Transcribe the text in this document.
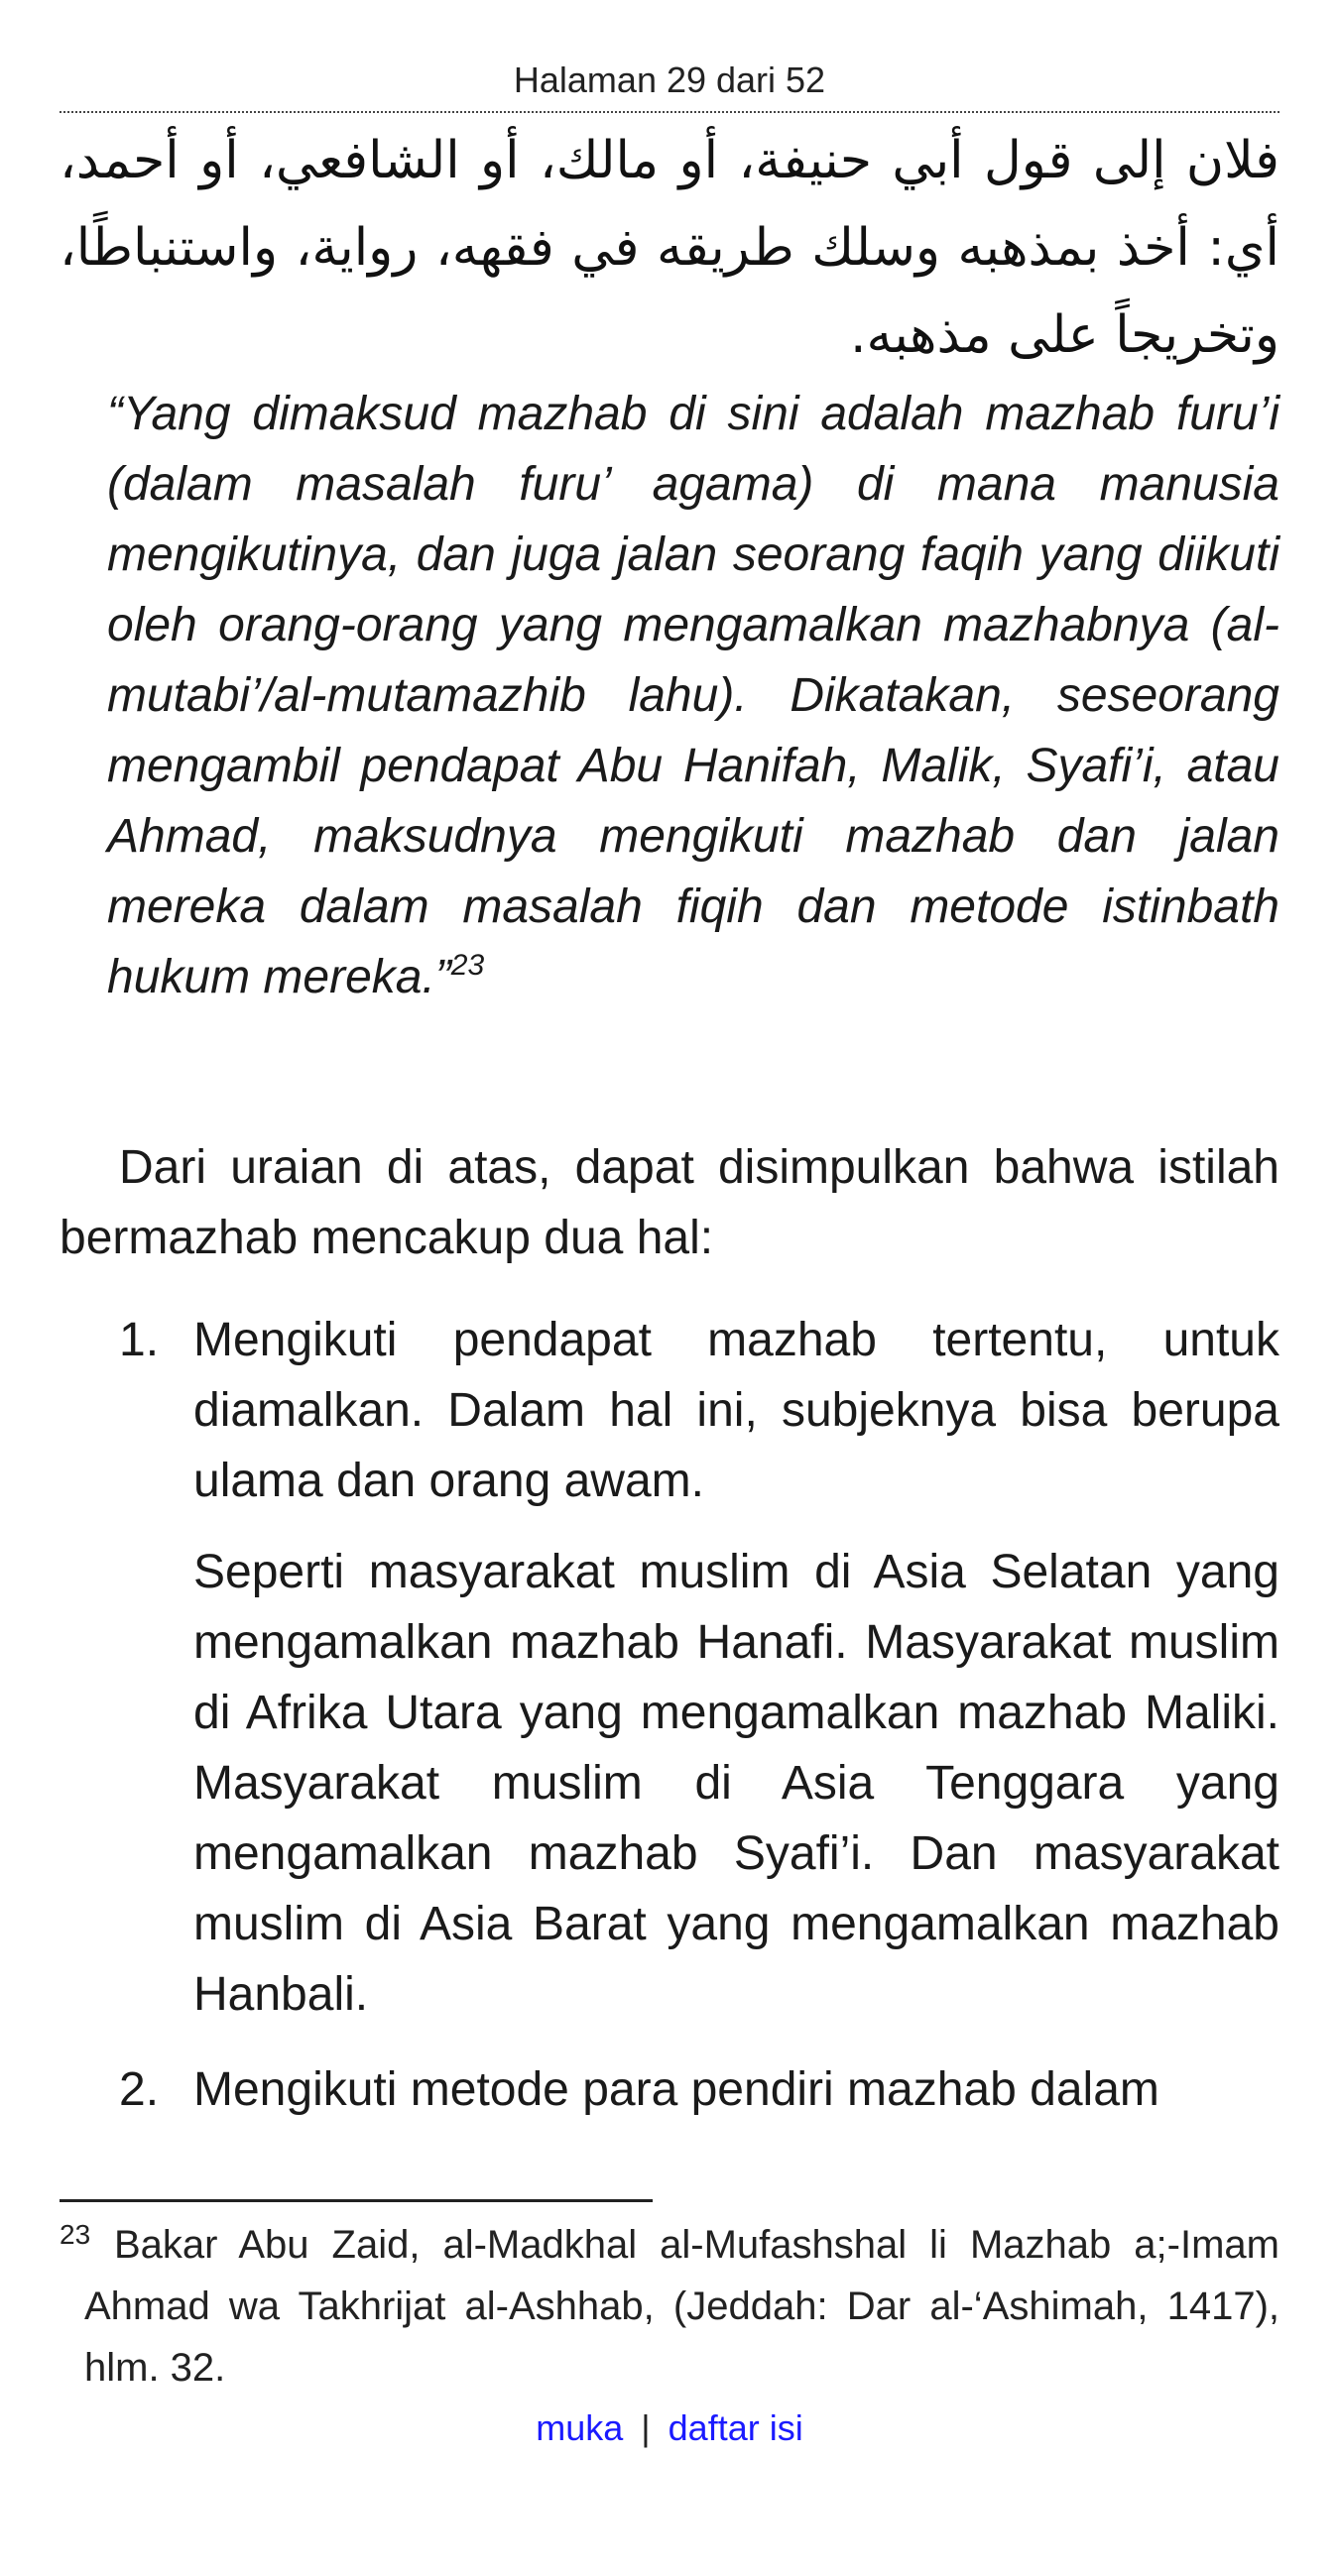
Halaman 29 dari 52
فلان إلى قول أبي حنيفة، أو مالك، أو الشافعي، أو أحمد، أي: أخذ بمذهبه وسلك طريقه في فقهه، رواية، واستنباطًا، وتخريجاً على مذهبه.
“Yang dimaksud mazhab di sini adalah mazhab furu’i (dalam masalah furu’ agama) di mana manusia mengikutinya, dan juga jalan seorang faqih yang diikuti oleh orang-orang yang mengamalkan mazhabnya (al-mutabi’/al-mutamazhib lahu). Dikatakan, seseorang mengambil pendapat Abu Hanifah, Malik, Syafi’i, atau Ahmad, maksudnya mengikuti mazhab dan jalan mereka dalam masalah fiqih dan metode istinbath hukum mereka.”$^{23}$
Dari uraian di atas, dapat disimpulkan bahwa istilah bermazhab mencakup dua hal:
1. Mengikuti pendapat mazhab tertentu, untuk diamalkan. Dalam hal ini, subjeknya bisa berupa ulama dan orang awam.
Seperti masyarakat muslim di Asia Selatan yang mengamalkan mazhab Hanafi. Masyarakat muslim di Afrika Utara yang mengamalkan mazhab Maliki. Masyarakat muslim di Asia Tenggara yang mengamalkan mazhab Syafi’i. Dan masyarakat muslim di Asia Barat yang mengamalkan mazhab Hanbali.
2. Mengikuti metode para pendiri mazhab dalam
$^{23}$ Bakar Abu Zaid, al-Madkhal al-Mufashshal li Mazhab a;-Imam Ahmad wa Takhrijat al-Ashhab, (Jeddah: Dar al-‘Ashimah, 1417), hlm. 32.
muka | daftar isi
